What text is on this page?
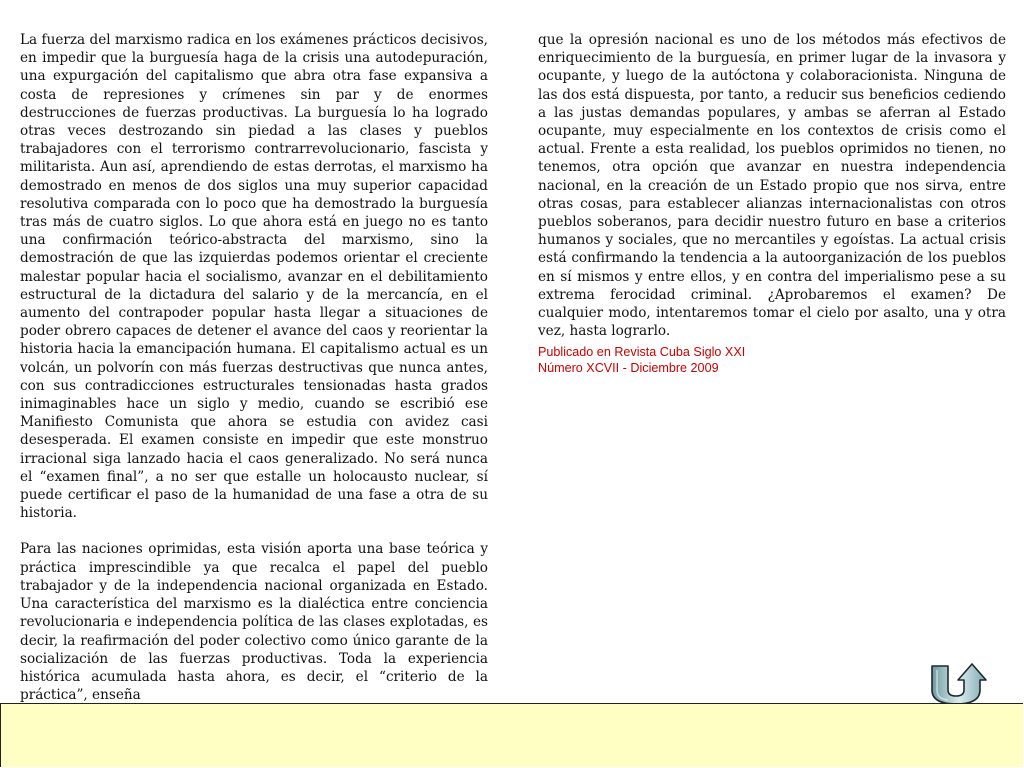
La fuerza del marxismo radica en los exámenes prácticos decisivos, en impedir que la burguesía haga de la crisis una autodepuración, una expurgación del capitalismo que abra otra fase expansiva a costa de represiones y crímenes sin par y de enormes destrucciones de fuerzas productivas. La burguesía lo ha logrado otras veces destrozando sin piedad a las clases y pueblos trabajadores con el terrorismo contrarrevolucionario, fascista y militarista. Aun así, aprendiendo de estas derrotas, el marxismo ha demostrado en menos de dos siglos una muy superior capacidad resolutiva comparada con lo poco que ha demostrado la burguesía tras más de cuatro siglos. Lo que ahora está en juego no es tanto una confirmación teórico-abstracta del marxismo, sino la demostración de que las izquierdas podemos orientar el creciente malestar popular hacia el socialismo, avanzar en el debilitamiento estructural de la dictadura del salario y de la mercancía, en el aumento del contrapoder popular hasta llegar a situaciones de poder obrero capaces de detener el avance del caos y reorientar la historia hacia la emancipación humana. El capitalismo actual es un volcán, un polvorín con más fuerzas destructivas que nunca antes, con sus contradicciones estructurales tensionadas hasta grados inimaginables hace un siglo y medio, cuando se escribió ese Manifiesto Comunista que ahora se estudia con avidez casi desesperada. El examen consiste en impedir que este monstruo irracional siga lanzado hacia el caos generalizado. No será nunca el “examen final”, a no ser que estalle un holocausto nuclear, sí puede certificar el paso de la humanidad de una fase a otra de su historia.

Para las naciones oprimidas, esta visión aporta una base teórica y práctica imprescindible ya que recalca el papel del pueblo trabajador y de la independencia nacional organizada en Estado. Una característica del marxismo es la dialéctica entre conciencia revolucionaria e independencia política de las clases explotadas, es decir, la reafirmación del poder colectivo como único garante de la socialización de las fuerzas productivas. Toda la experiencia histórica acumulada hasta ahora, es decir, el “criterio de la práctica”, enseña

que la opresión nacional es uno de los métodos más efectivos de enriquecimiento de la burguesía, en primer lugar de la invasora y ocupante, y luego de la autóctona y colaboracionista. Ninguna de las dos está dispuesta, por tanto, a reducir sus beneficios cediendo a las justas demandas populares, y ambas se aferran al Estado ocupante, muy especialmente en los contextos de crisis como el actual. Frente a esta realidad, los pueblos oprimidos no tienen, no tenemos, otra opción que avanzar en nuestra independencia nacional, en la creación de un Estado propio que nos sirva, entre otras cosas, para establecer alianzas internacionalistas con otros pueblos soberanos, para decidir nuestro futuro en base a criterios humanos y sociales, que no mercantiles y egoístas. La actual crisis está confirmando la tendencia a la autoorganización de los pueblos en sí mismos y entre ellos, y en contra del imperialismo pese a su extrema ferocidad criminal. ¿Aprobaremos el examen? De cualquier modo, intentaremos tomar el cielo por asalto, una y otra vez, hasta lograrlo.

Publicado en Revista Cuba Siglo XXI
Número XCVII - Diciembre 2009
